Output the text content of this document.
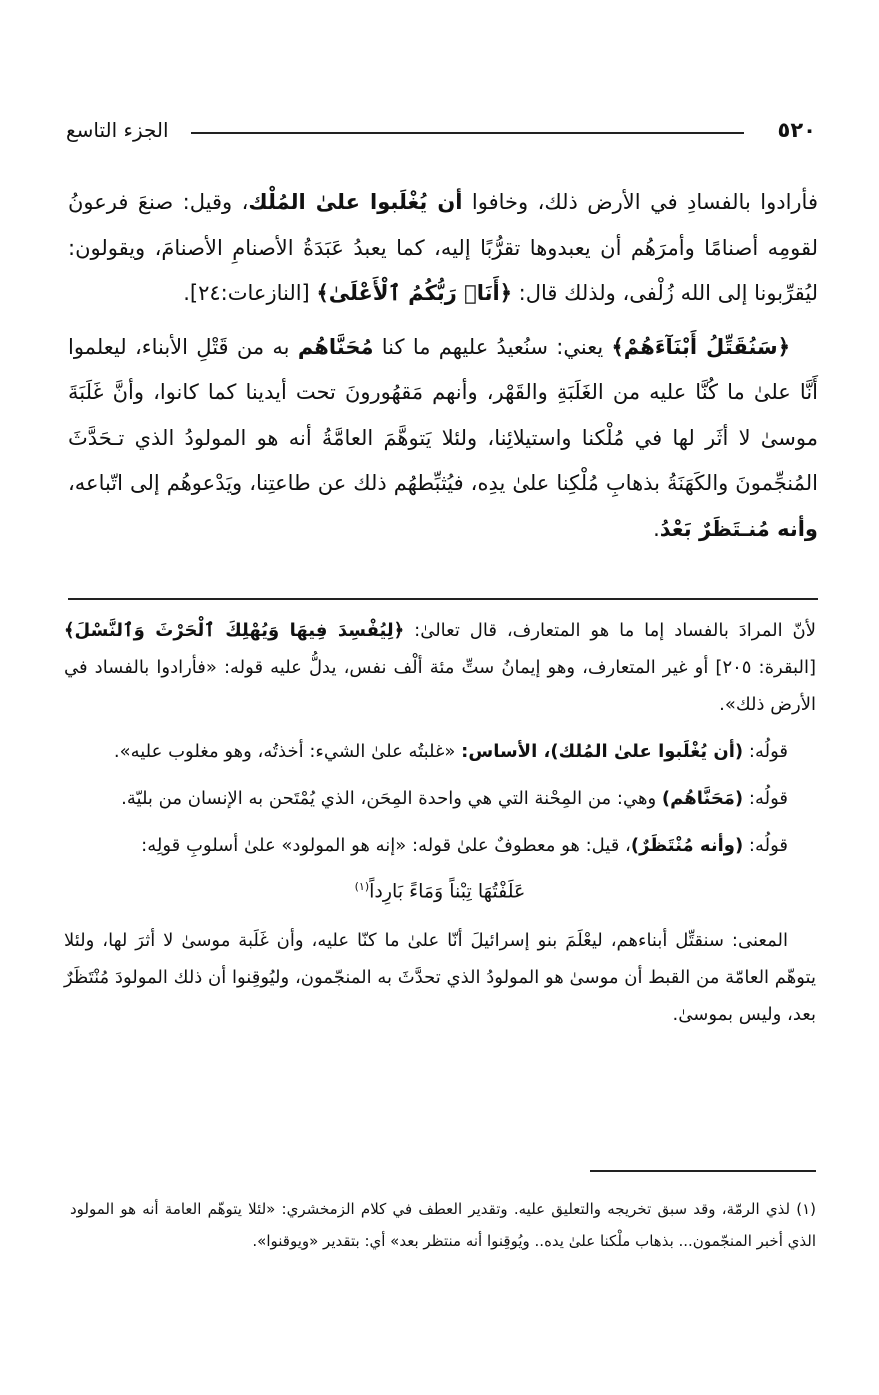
٥٢٠
الجزء التاسع

فأرادوا بالفسادِ في الأرض ذلك، وخافوا أن يُغْلَبوا علىٰ المُلْك، وقيل: صنعَ فرعونُ لقومِه أصنامًا وأمرَهُم أن يعبدوها تقرُّبًا إليه، كما يعبدُ عَبَدَةُ الأصنامِ الأصنامَ، ويقولون: ليُقرِّبونا إلى الله زُلْفى، ولذلك قال: ﴿أَنَا۠ رَبُّكُمُ ٱلْأَعْلَىٰ﴾ [النازعات:٢٤].

﴿سَنُقَتِّلُ أَبْنَآءَهُمْ﴾ يعني: سنُعيدُ عليهم ما كنا مُحَنَّاهُم به من قَتْلِ الأبناء، ليعلموا أَنَّا علىٰ ما كُنَّا عليه من الغَلَبَةِ والقَهْر، وأنهم مَقهُورونَ تحت أيدينا كما كانوا، وأنَّ غَلَبَةَ موسىٰ لا أثَر لها في مُلْكنا واستيلائِنا، ولئلا يَتوهَّمَ العامَّةُ أنه هو المولودُ الذي تـحَدَّثَ المُنجِّمونَ والكَهَنَةُ بذهابِ مُلْكِنا علىٰ يدِه، فيُثبِّطهُم ذلك عن طاعتِنا، ويَدْعوهُم إلى اتّباعه، وأنه مُنـتَظَرٌ بَعْدُ.

لأنّ المرادَ بالفساد إما ما هو المتعارف، قال تعالىٰ: ﴿لِيُفْسِدَ فِيهَا وَيُهْلِكَ ٱلْحَرْثَ وَٱلنَّسْلَ﴾ [البقرة: ٢٠٥] أو غير المتعارف، وهو إيمانُ ستِّ مئة ألْف نفس، يدلُّ عليه قوله: «فأرادوا بالفساد في الأرض ذلك».

قولُه: (أن يُغْلَبوا علىٰ المُلك)، الأساس: «غلبتُه علىٰ الشيء: أخذتُه، وهو مغلوب عليه».

قولُه: (مَحَنَّاهُم) وهي: من المِحْنة التي هي واحدة المِحَن، الذي يُمْتَحن به الإنسان من بليّة.

قولُه: (وأنه مُنْتَظَرٌ)، قيل: هو معطوفٌ علىٰ قوله: «إنه هو المولود» علىٰ أسلوبِ قولِه:

عَلَفْتُهَا تِبْناً وَمَاءً بَارِداً$^{(١)}$

المعنى: سنقتِّل أبناءهم، ليعْلَمَ بنو إسرائيلَ أنّا علىٰ ما كنّا عليه، وأن غَلَبة موسىٰ لا أثرَ لها، ولئلا يتوهّم العامّة من القبط أن موسىٰ هو المولودُ الذي تحدَّثَ به المنجّمون، وليُوقِنوا أن ذلك المولودَ مُنْتَظَرٌ بعد، وليس بموسىٰ.

(١) لذي الرمّة، وقد سبق تخريجه والتعليق عليه. وتقدير العطف في كلام الزمخشري: «لئلا يتوهّم العامة أنه هو المولود الذي أخبر المنجّمون... بذهاب ملْكنا علىٰ يده.. ويُوقِنوا أنه منتظر بعد» أي: بتقدير «ويوقنوا».
